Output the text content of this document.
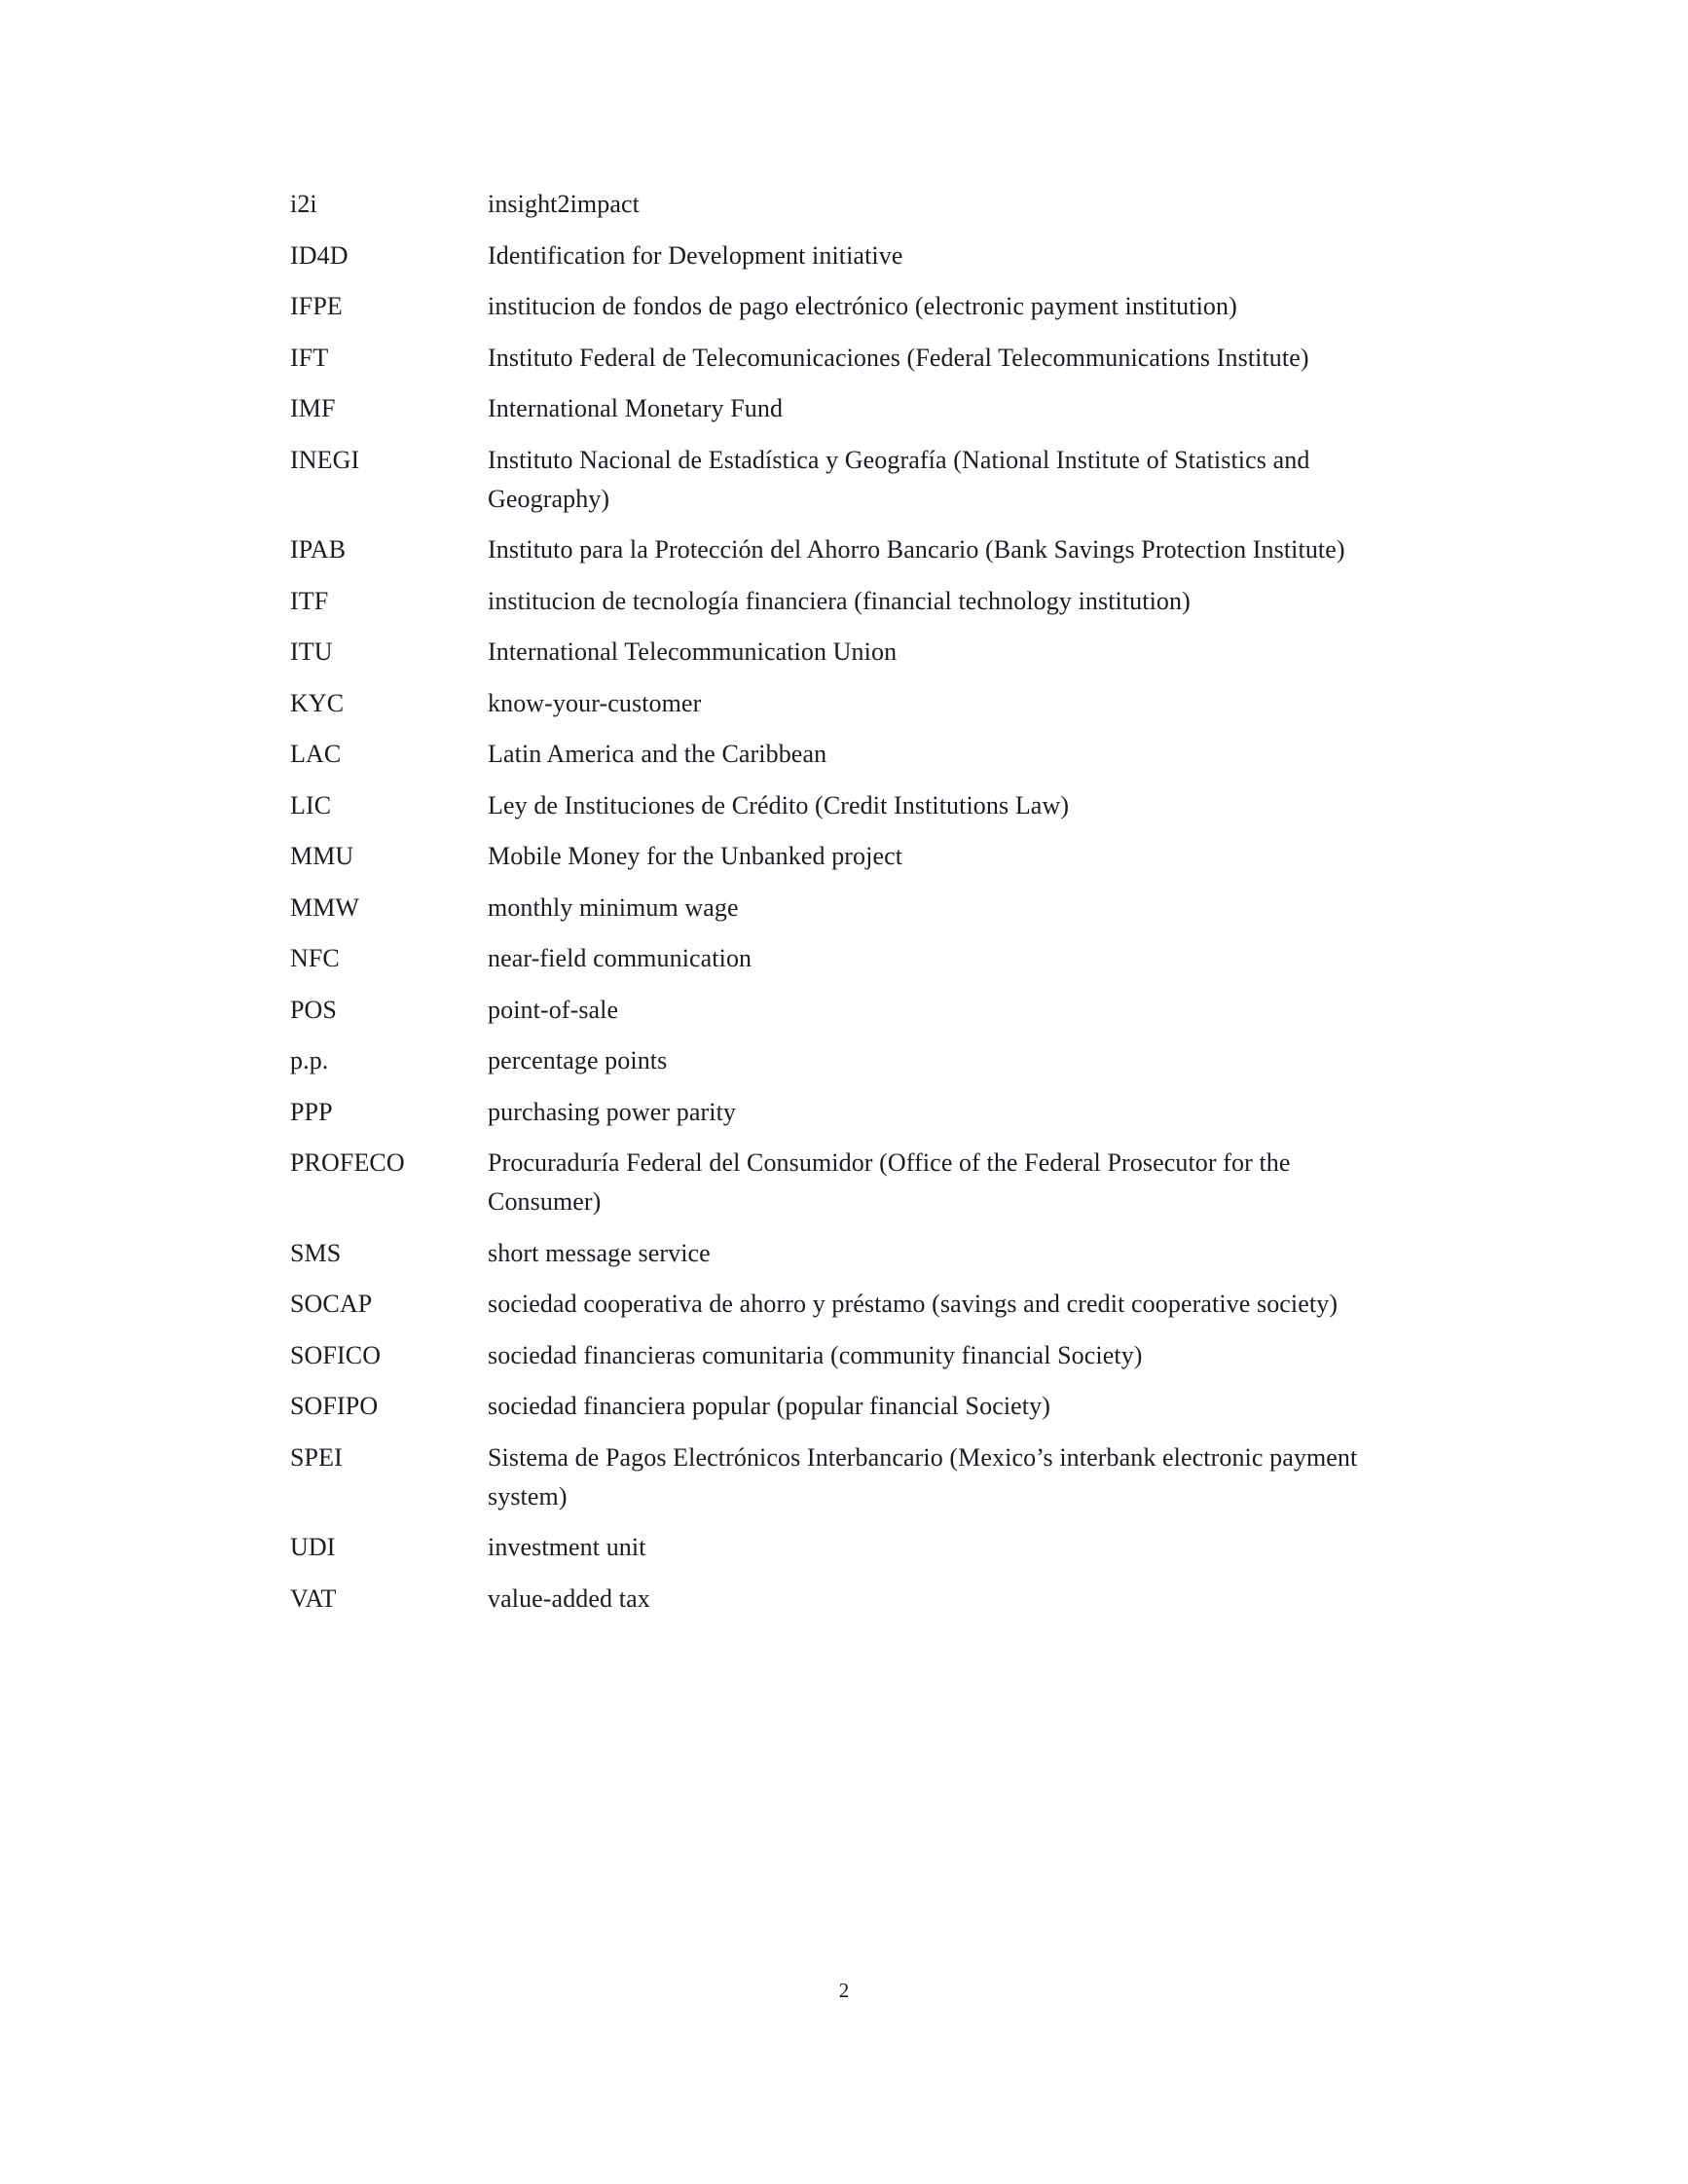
i2i	insight2impact
ID4D	Identification for Development initiative
IFPE	institucion de fondos de pago electrónico (electronic payment institution)
IFT	Instituto Federal de Telecomunicaciones (Federal Telecommunications Institute)
IMF	International Monetary Fund
INEGI	Instituto Nacional de Estadística y Geografía (National Institute of Statistics and Geography)
IPAB	Instituto para la Protección del Ahorro Bancario (Bank Savings Protection Institute)
ITF	institucion de tecnología financiera (financial technology institution)
ITU	International Telecommunication Union
KYC	know-your-customer
LAC	Latin America and the Caribbean
LIC	Ley de Instituciones de Crédito (Credit Institutions Law)
MMU	Mobile Money for the Unbanked project
MMW	monthly minimum wage
NFC	near-field communication
POS	point-of-sale
p.p.	percentage points
PPP	purchasing power parity
PROFECO	Procuraduría Federal del Consumidor (Office of the Federal Prosecutor for the Consumer)
SMS	short message service
SOCAP	sociedad cooperativa de ahorro y préstamo (savings and credit cooperative society)
SOFICO	sociedad financieras comunitaria (community financial Society)
SOFIPO	sociedad financiera popular (popular financial Society)
SPEI	Sistema de Pagos Electrónicos Interbancario (Mexico’s interbank electronic payment system)
UDI	investment unit
VAT	value-added tax
2
